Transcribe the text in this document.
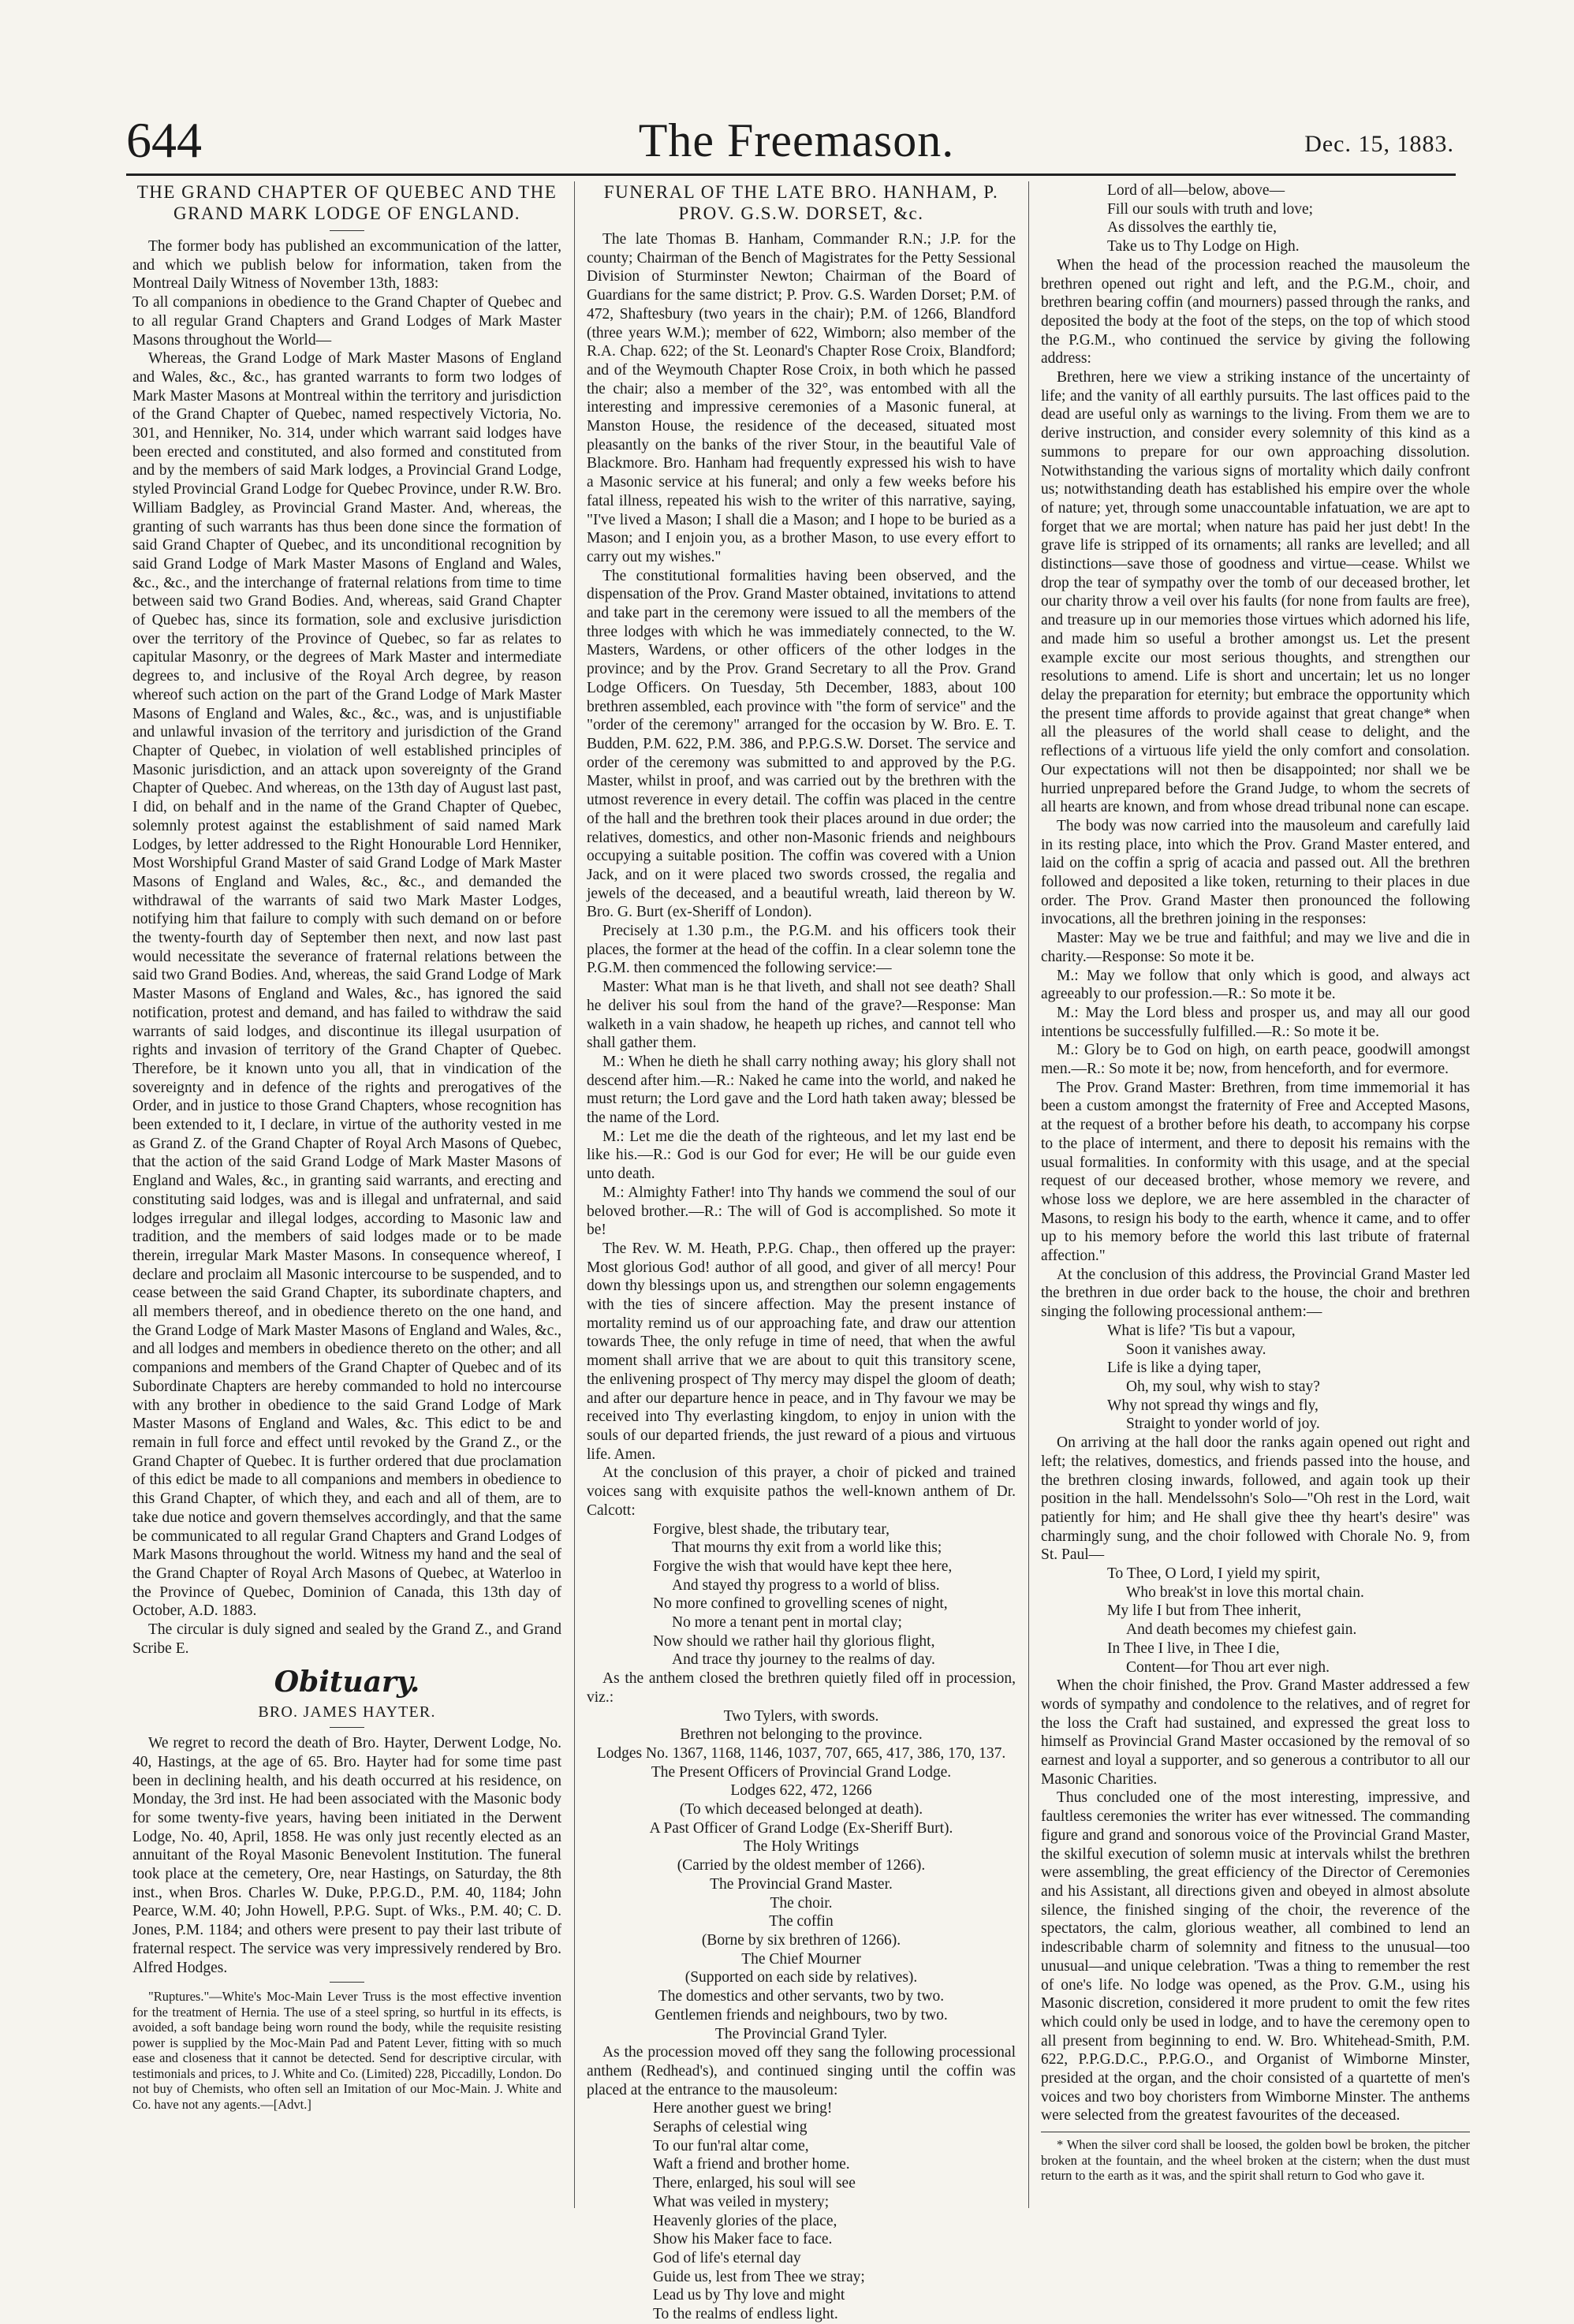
644	The Freemason.	Dec. 15, 1883.
THE GRAND CHAPTER OF QUEBEC AND THE GRAND MARK LODGE OF ENGLAND.

The former body has published an excommunication of the latter, and which we publish below for information, taken from the Montreal Daily Witness of November 13th, 1883:

To all companions in obedience to the Grand Chapter of Quebec and to all regular Grand Chapters and Grand Lodges of Mark Master Masons throughout the World—

Whereas, the Grand Lodge of Mark Master Masons of England and Wales, &c., &c., has granted warrants to form two lodges of Mark Master Masons at Montreal within the territory and jurisdiction of the Grand Chapter of Quebec, named respectively Victoria, No. 301, and Henniker, No. 314, under which warrant said lodges have been erected and constituted, and also formed and constituted from and by the members of said Mark lodges, a Provincial Grand Lodge, styled Provincial Grand Lodge for Quebec Province, under R.W. Bro. William Badgley, as Provincial Grand Master. And, whereas, the granting of such warrants has thus been done since the formation of said Grand Chapter of Quebec, and its unconditional recognition by said Grand Lodge of Mark Master Masons of England and Wales, &c., &c., and the interchange of fraternal relations from time to time between said two Grand Bodies. And, whereas, said Grand Chapter of Quebec has, since its formation, sole and exclusive jurisdiction over the territory of the Province of Quebec, so far as relates to capitular Masonry, or the degrees of Mark Master and intermediate degrees to, and inclusive of the Royal Arch degree, by reason whereof such action on the part of the Grand Lodge of Mark Master Masons of England and Wales, &c., &c., was, and is unjustifiable and unlawful invasion of the territory and jurisdiction of the Grand Chapter of Quebec, in violation of well established principles of Masonic jurisdiction, and an attack upon sovereignty of the Grand Chapter of Quebec. And whereas, on the 13th day of August last past, I did, on behalf and in the name of the Grand Chapter of Quebec, solemnly protest against the establishment of said named Mark Lodges, by letter addressed to the Right Honourable Lord Henniker, Most Worshipful Grand Master of said Grand Lodge of Mark Master Masons of England and Wales, &c., &c., and demanded the withdrawal of the warrants of said two Mark Master Lodges, notifying him that failure to comply with such demand on or before the twenty-fourth day of September then next, and now last past would necessitate the severance of fraternal relations between the said two Grand Bodies. And, whereas, the said Grand Lodge of Mark Master Masons of England and Wales, &c., has ignored the said notification, protest and demand, and has failed to withdraw the said warrants of said lodges, and discontinue its illegal usurpation of rights and invasion of territory of the Grand Chapter of Quebec. Therefore, be it known unto you all, that in vindication of the sovereignty and in defence of the rights and prerogatives of the Order, and in justice to those Grand Chapters, whose recognition has been extended to it, I declare, in virtue of the authority vested in me as Grand Z. of the Grand Chapter of Royal Arch Masons of Quebec, that the action of the said Grand Lodge of Mark Master Masons of England and Wales, &c., in granting said warrants, and erecting and constituting said lodges, was and is illegal and unfraternal, and said lodges irregular and illegal lodges, according to Masonic law and tradition, and the members of said lodges made or to be made therein, irregular Mark Master Masons. In consequence whereof, I declare and proclaim all Masonic intercourse to be suspended, and to cease between the said Grand Chapter, its subordinate chapters, and all members thereof, and in obedience thereto on the one hand, and the Grand Lodge of Mark Master Masons of England and Wales, &c., and all lodges and members in obedience thereto on the other; and all companions and members of the Grand Chapter of Quebec and of its Subordinate Chapters are hereby commanded to hold no intercourse with any brother in obedience to the said Grand Lodge of Mark Master Masons of England and Wales, &c. This edict to be and remain in full force and effect until revoked by the Grand Z., or the Grand Chapter of Quebec. It is further ordered that due proclamation of this edict be made to all companions and members in obedience to this Grand Chapter, of which they, and each and all of them, are to take due notice and govern themselves accordingly, and that the same be communicated to all regular Grand Chapters and Grand Lodges of Mark Masons throughout the world. Witness my hand and the seal of the Grand Chapter of Royal Arch Masons of Quebec, at Waterloo in the Province of Quebec, Dominion of Canada, this 13th day of October, A.D. 1883.

The circular is duly signed and sealed by the Grand Z., and Grand Scribe E.

Obituary.
BRO. JAMES HAYTER.

We regret to record the death of Bro. Hayter, Derwent Lodge, No. 40, Hastings, at the age of 65. Bro. Hayter had for some time past been in declining health, and his death occurred at his residence, on Monday, the 3rd inst. He had been associated with the Masonic body for some twenty-five years, having been initiated in the Derwent Lodge, No. 40, April, 1858. He was only just recently elected as an annuitant of the Royal Masonic Benevolent Institution. The funeral took place at the cemetery, Ore, near Hastings, on Saturday, the 8th inst., when Bros. Charles W. Duke, P.P.G.D., P.M. 40, 1184; John Pearce, W.M. 40; John Howell, P.P.G. Supt. of Wks., P.M. 40; C. D. Jones, P.M. 1184; and others were present to pay their last tribute of fraternal respect. The service was very impressively rendered by Bro. Alfred Hodges.

"Ruptures."—White's Moc-Main Lever Truss is the most effective invention for the treatment of Hernia. The use of a steel spring, so hurtful in its effects, is avoided, a soft bandage being worn round the body, while the requisite resisting power is supplied by the Moc-Main Pad and Patent Lever, fitting with so much ease and closeness that it cannot be detected. Send for descriptive circular, with testimonials and prices, to J. White and Co. (Limited) 228, Piccadilly, London. Do not buy of Chemists, who often sell an Imitation of our Moc-Main. J. White and Co. have not any agents.—[Advt.]

FUNERAL OF THE LATE BRO. HANHAM, P. PROV. G.S.W. DORSET, &c.

The late Thomas B. Hanham, Commander R.N.; J.P. for the county; Chairman of the Bench of Magistrates for the Petty Sessional Division of Sturminster Newton; Chairman of the Board of Guardians for the same district; P. Prov. G.S. Warden Dorset; P.M. of 472, Shaftesbury (two years in the chair); P.M. of 1266, Blandford (three years W.M.); member of 622, Wimborn; also member of the R.A. Chap. 622; of the St. Leonard's Chapter Rose Croix, Blandford; and of the Weymouth Chapter Rose Croix, in both which he passed the chair; also a member of the 32°, was entombed with all the interesting and impressive ceremonies of a Masonic funeral, at Manston House, the residence of the deceased, situated most pleasantly on the banks of the river Stour, in the beautiful Vale of Blackmore. Bro. Hanham had frequently expressed his wish to have a Masonic service at his funeral; and only a few weeks before his fatal illness, repeated his wish to the writer of this narrative, saying, "I've lived a Mason; I shall die a Mason; and I hope to be buried as a Mason; and I enjoin you, as a brother Mason, to use every effort to carry out my wishes."

The constitutional formalities having been observed, and the dispensation of the Prov. Grand Master obtained, invitations to attend and take part in the ceremony were issued to all the members of the three lodges with which he was immediately connected, to the W. Masters, Wardens, or other officers of the other lodges in the province; and by the Prov. Grand Secretary to all the Prov. Grand Lodge Officers. On Tuesday, 5th December, 1883, about 100 brethren assembled, each province with "the form of service" and the "order of the ceremony" arranged for the occasion by W. Bro. E. T. Budden, P.M. 622, P.M. 386, and P.P.G.S.W. Dorset. The service and order of the ceremony was submitted to and approved by the P.G. Master, whilst in proof, and was carried out by the brethren with the utmost reverence in every detail. The coffin was placed in the centre of the hall and the brethren took their places around in due order; the relatives, domestics, and other non-Masonic friends and neighbours occupying a suitable position. The coffin was covered with a Union Jack, and on it were placed two swords crossed, the regalia and jewels of the deceased, and a beautiful wreath, laid thereon by W. Bro. G. Burt (ex-Sheriff of London).

Precisely at 1.30 p.m., the P.G.M. and his officers took their places, the former at the head of the coffin. In a clear solemn tone the P.G.M. then commenced the following service:—

Master: What man is he that liveth, and shall not see death? Shall he deliver his soul from the hand of the grave?—Response: Man walketh in a vain shadow, he heapeth up riches, and cannot tell who shall gather them.

M.: When he dieth he shall carry nothing away; his glory shall not descend after him.—R.: Naked he came into the world, and naked he must return; the Lord gave and the Lord hath taken away; blessed be the name of the Lord.

M.: Let me die the death of the righteous, and let my last end be like his.—R.: God is our God for ever; He will be our guide even unto death.

M.: Almighty Father! into Thy hands we commend the soul of our beloved brother.—R.: The will of God is accomplished. So mote it be!

The Rev. W. M. Heath, P.P.G. Chap., then offered up the prayer: Most glorious God! author of all good, and giver of all mercy! Pour down thy blessings upon us, and strengthen our solemn engagements with the ties of sincere affection. May the present instance of mortality remind us of our approaching fate, and draw our attention towards Thee, the only refuge in time of need, that when the awful moment shall arrive that we are about to quit this transitory scene, the enlivening prospect of Thy mercy may dispel the gloom of death; and after our departure hence in peace, and in Thy favour we may be received into Thy everlasting kingdom, to enjoy in union with the souls of our departed friends, the just reward of a pious and virtuous life. Amen.

At the conclusion of this prayer, a choir of picked and trained voices sang with exquisite pathos the well-known anthem of Dr. Calcott:

Forgive, blest shade, the tributary tear,
That mourns thy exit from a world like this;
Forgive the wish that would have kept thee here,
And stayed thy progress to a world of bliss.
No more confined to grovelling scenes of night,
No more a tenant pent in mortal clay;
Now should we rather hail thy glorious flight,
And trace thy journey to the realms of day.

As the anthem closed the brethren quietly filed off in procession, viz.:

Two Tylers, with swords.
Brethren not belonging to the province.
Lodges No. 1367, 1168, 1146, 1037, 707, 665, 417, 386, 170, 137.
The Present Officers of Provincial Grand Lodge.
Lodges 622, 472, 1266
(To which deceased belonged at death).
A Past Officer of Grand Lodge (Ex-Sheriff Burt).
The Holy Writings
(Carried by the oldest member of 1266).
The Provincial Grand Master.
The choir.
The coffin
(Borne by six brethren of 1266).
The Chief Mourner
(Supported on each side by relatives).
The domestics and other servants, two by two.
Gentlemen friends and neighbours, two by two.
The Provincial Grand Tyler.

As the procession moved off they sang the following processional anthem (Redhead's), and continued singing until the coffin was placed at the entrance to the mausoleum:

Here another guest we bring!
Seraphs of celestial wing
To our fun'ral altar come,
Waft a friend and brother home.
There, enlarged, his soul will see
What was veiled in mystery;
Heavenly glories of the place,
Show his Maker face to face.
God of life's eternal day
Guide us, lest from Thee we stray;
Lead us by Thy love and might
To the realms of endless light.
Lord of all—below, above—
Fill our souls with truth and love;
As dissolves the earthly tie,
Take us to Thy Lodge on High.

When the head of the procession reached the mausoleum the brethren opened out right and left, and the P.G.M., choir, and brethren bearing coffin (and mourners) passed through the ranks, and deposited the body at the foot of the steps, on the top of which stood the P.G.M., who continued the service by giving the following address:

Brethren, here we view a striking instance of the uncertainty of life; and the vanity of all earthly pursuits. The last offices paid to the dead are useful only as warnings to the living. From them we are to derive instruction, and consider every solemnity of this kind as a summons to prepare for our own approaching dissolution. Notwithstanding the various signs of mortality which daily confront us; notwithstanding death has established his empire over the whole of nature; yet, through some unaccountable infatuation, we are apt to forget that we are mortal; when nature has paid her just debt! In the grave life is stripped of its ornaments; all ranks are levelled; and all distinctions—save those of goodness and virtue—cease. Whilst we drop the tear of sympathy over the tomb of our deceased brother, let our charity throw a veil over his faults (for none from faults are free), and treasure up in our memories those virtues which adorned his life, and made him so useful a brother amongst us. Let the present example excite our most serious thoughts, and strengthen our resolutions to amend. Life is short and uncertain; let us no longer delay the preparation for eternity; but embrace the opportunity which the present time affords to provide against that great change* when all the pleasures of the world shall cease to delight, and the reflections of a virtuous life yield the only comfort and consolation. Our expectations will not then be disappointed; nor shall we be hurried unprepared before the Grand Judge, to whom the secrets of all hearts are known, and from whose dread tribunal none can escape.

The body was now carried into the mausoleum and carefully laid in its resting place, into which the Prov. Grand Master entered, and laid on the coffin a sprig of acacia and passed out. All the brethren followed and deposited a like token, returning to their places in due order. The Prov. Grand Master then pronounced the following invocations, all the brethren joining in the responses:

Master: May we be true and faithful; and may we live and die in charity.—Response: So mote it be.

M.: May we follow that only which is good, and always act agreeably to our profession.—R.: So mote it be.

M.: May the Lord bless and prosper us, and may all our good intentions be successfully fulfilled.—R.: So mote it be.

M.: Glory be to God on high, on earth peace, goodwill amongst men.—R.: So mote it be; now, from henceforth, and for evermore.

The Prov. Grand Master: Brethren, from time immemorial it has been a custom amongst the fraternity of Free and Accepted Masons, at the request of a brother before his death, to accompany his corpse to the place of interment, and there to deposit his remains with the usual formalities. In conformity with this usage, and at the special request of our deceased brother, whose memory we revere, and whose loss we deplore, we are here assembled in the character of Masons, to resign his body to the earth, whence it came, and to offer up to his memory before the world this last tribute of fraternal affection."

At the conclusion of this address, the Provincial Grand Master led the brethren in due order back to the house, the choir and brethren singing the following processional anthem:—

What is life? 'Tis but a vapour,
Soon it vanishes away.
Life is like a dying taper,
Oh, my soul, why wish to stay?
Why not spread thy wings and fly,
Straight to yonder world of joy.

On arriving at the hall door the ranks again opened out right and left; the relatives, domestics, and friends passed into the house, and the brethren closing inwards, followed, and again took up their position in the hall. Mendelssohn's Solo—"Oh rest in the Lord, wait patiently for him; and He shall give thee thy heart's desire" was charmingly sung, and the choir followed with Chorale No. 9, from St. Paul—

To Thee, O Lord, I yield my spirit,
Who break'st in love this mortal chain.
My life I but from Thee inherit,
And death becomes my chiefest gain.
In Thee I live, in Thee I die,
Content—for Thou art ever nigh.

When the choir finished, the Prov. Grand Master addressed a few words of sympathy and condolence to the relatives, and of regret for the loss the Craft had sustained, and expressed the great loss to himself as Provincial Grand Master occasioned by the removal of so earnest and loyal a supporter, and so generous a contributor to all our Masonic Charities.

Thus concluded one of the most interesting, impressive, and faultless ceremonies the writer has ever witnessed. The commanding figure and grand and sonorous voice of the Provincial Grand Master, the skilful execution of solemn music at intervals whilst the brethren were assembling, the great efficiency of the Director of Ceremonies and his Assistant, all directions given and obeyed in almost absolute silence, the finished singing of the choir, the reverence of the spectators, the calm, glorious weather, all combined to lend an indescribable charm of solemnity and fitness to the unusual—too unusual—and unique celebration. 'Twas a thing to remember the rest of one's life. No lodge was opened, as the Prov. G.M., using his Masonic discretion, considered it more prudent to omit the few rites which could only be used in lodge, and to have the ceremony open to all present from beginning to end. W. Bro. Whitehead-Smith, P.M. 622, P.P.G.D.C., P.P.G.O., and Organist of Wimborne Minster, presided at the organ, and the choir consisted of a quartette of men's voices and two boy choristers from Wimborne Minster. The anthems were selected from the greatest favourites of the deceased.

* When the silver cord shall be loosed, the golden bowl be broken, the pitcher broken at the fountain, and the wheel broken at the cistern; when the dust must return to the earth as it was, and the spirit shall return to God who gave it.
